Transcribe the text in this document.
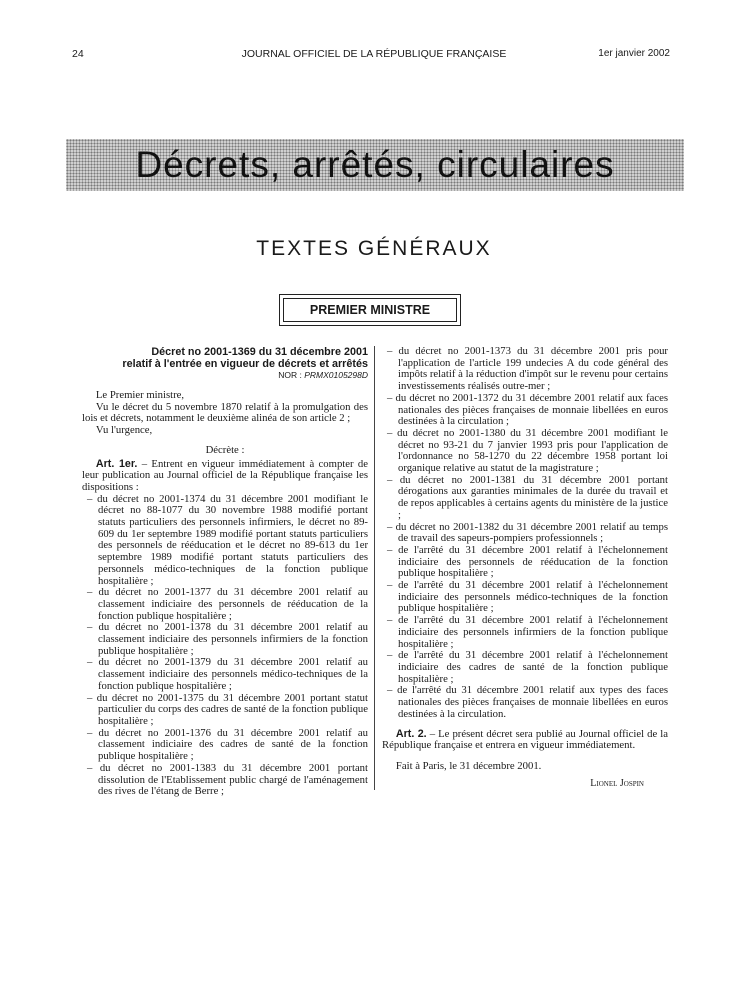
24	JOURNAL OFFICIEL DE LA RÉPUBLIQUE FRANÇAISE	1er janvier 2002
Décrets, arrêtés, circulaires
TEXTES GÉNÉRAUX
PREMIER MINISTRE
Décret no 2001-1369 du 31 décembre 2001
relatif à l'entrée en vigueur de décrets et arrêtés
NOR : PRMX0105298D
Le Premier ministre,
Vu le décret du 5 novembre 1870 relatif à la promulgation des lois et décrets, notamment le deuxième alinéa de son article 2 ;
Vu l'urgence,
Décrète :
Art. 1er. – Entrent en vigueur immédiatement à compter de leur publication au Journal officiel de la République française les dispositions :
– du décret no 2001-1374 du 31 décembre 2001 modifiant le décret no 88-1077 du 30 novembre 1988 modifié portant statuts particuliers des personnels infirmiers, le décret no 89-609 du 1er septembre 1989 modifié portant statuts particuliers des personnels de rééducation et le décret no 89-613 du 1er septembre 1989 modifié portant statuts particuliers des personnels médico-techniques de la fonction publique hospitalière ;
– du décret no 2001-1377 du 31 décembre 2001 relatif au classement indiciaire des personnels de rééducation de la fonction publique hospitalière ;
– du décret no 2001-1378 du 31 décembre 2001 relatif au classement indiciaire des personnels infirmiers de la fonction publique hospitalière ;
– du décret no 2001-1379 du 31 décembre 2001 relatif au classement indiciaire des personnels médico-techniques de la fonction publique hospitalière ;
– du décret no 2001-1375 du 31 décembre 2001 portant statut particulier du corps des cadres de santé de la fonction publique hospitalière ;
– du décret no 2001-1376 du 31 décembre 2001 relatif au classement indiciaire des cadres de santé de la fonction publique hospitalière ;
– du décret no 2001-1383 du 31 décembre 2001 portant dissolution de l'Etablissement public chargé de l'aménagement des rives de l'étang de Berre ;
– du décret no 2001-1373 du 31 décembre 2001 pris pour l'application de l'article 199 undecies A du code général des impôts relatif à la réduction d'impôt sur le revenu pour certains investissements réalisés outre-mer ;
– du décret no 2001-1372 du 31 décembre 2001 relatif aux faces nationales des pièces françaises de monnaie libellées en euros destinées à la circulation ;
– du décret no 2001-1380 du 31 décembre 2001 modifiant le décret no 93-21 du 7 janvier 1993 pris pour l'application de l'ordonnance no 58-1270 du 22 décembre 1958 portant loi organique relative au statut de la magistrature ;
– du décret no 2001-1381 du 31 décembre 2001 portant dérogations aux garanties minimales de la durée du travail et de repos applicables à certains agents du ministère de la justice ;
– du décret no 2001-1382 du 31 décembre 2001 relatif au temps de travail des sapeurs-pompiers professionnels ;
– de l'arrêté du 31 décembre 2001 relatif à l'échelonnement indiciaire des personnels de rééducation de la fonction publique hospitalière ;
– de l'arrêté du 31 décembre 2001 relatif à l'échelonnement indiciaire des personnels médico-techniques de la fonction publique hospitalière ;
– de l'arrêté du 31 décembre 2001 relatif à l'échelonnement indiciaire des personnels infirmiers de la fonction publique hospitalière ;
– de l'arrêté du 31 décembre 2001 relatif à l'échelonnement indiciaire des cadres de santé de la fonction publique hospitalière ;
– de l'arrêté du 31 décembre 2001 relatif aux types des faces nationales des pièces françaises de monnaie libellées en euros destinées à la circulation.
Art. 2. – Le présent décret sera publié au Journal officiel de la République française et entrera en vigueur immédiatement.
Fait à Paris, le 31 décembre 2001.
Lionel Jospin
